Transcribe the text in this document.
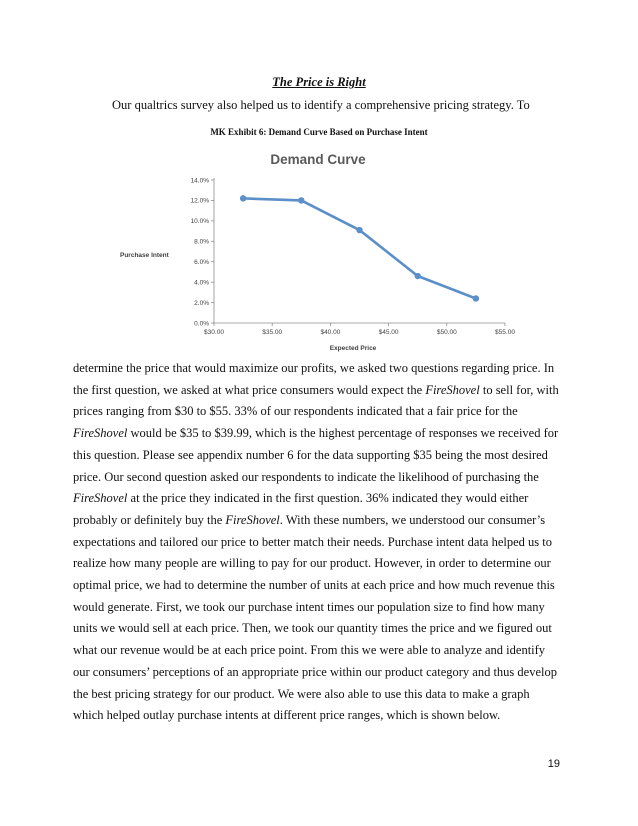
The Price is Right
Our qualtrics survey also helped us to identify a comprehensive pricing strategy. To
MK Exhibit 6: Demand Curve Based on Purchase Intent
Demand Curve
Purchase Intent
Expected Price
0.0%
2.0%
4.0%
6.0%
8.0%
10.0%
12.0%
14.0%
$30.00	$35.00	$40.00	$45.00	$50.00	$55.00
determine the price that would maximize our profits, we asked two questions regarding price. In
the first question, we asked at what price consumers would expect the FireShovel to sell for, with
prices ranging from $30 to $55. 33% of our respondents indicated that a fair price for the
FireShovel would be $35 to $39.99, which is the highest percentage of responses we received for
this question. Please see appendix number 6 for the data supporting $35 being the most desired
price. Our second question asked our respondents to indicate the likelihood of purchasing the
FireShovel at the price they indicated in the first question. 36% indicated they would either
probably or definitely buy the FireShovel. With these numbers, we understood our consumer’s
expectations and tailored our price to better match their needs. Purchase intent data helped us to
realize how many people are willing to pay for our product. However, in order to determine our
optimal price, we had to determine the number of units at each price and how much revenue this
would generate. First, we took our purchase intent times our population size to find how many
units we would sell at each price. Then, we took our quantity times the price and we figured out
what our revenue would be at each price point. From this we were able to analyze and identify
our consumers’ perceptions of an appropriate price within our product category and thus develop
the best pricing strategy for our product. We were also able to use this data to make a graph
which helped outlay purchase intents at different price ranges, which is shown below.
19
